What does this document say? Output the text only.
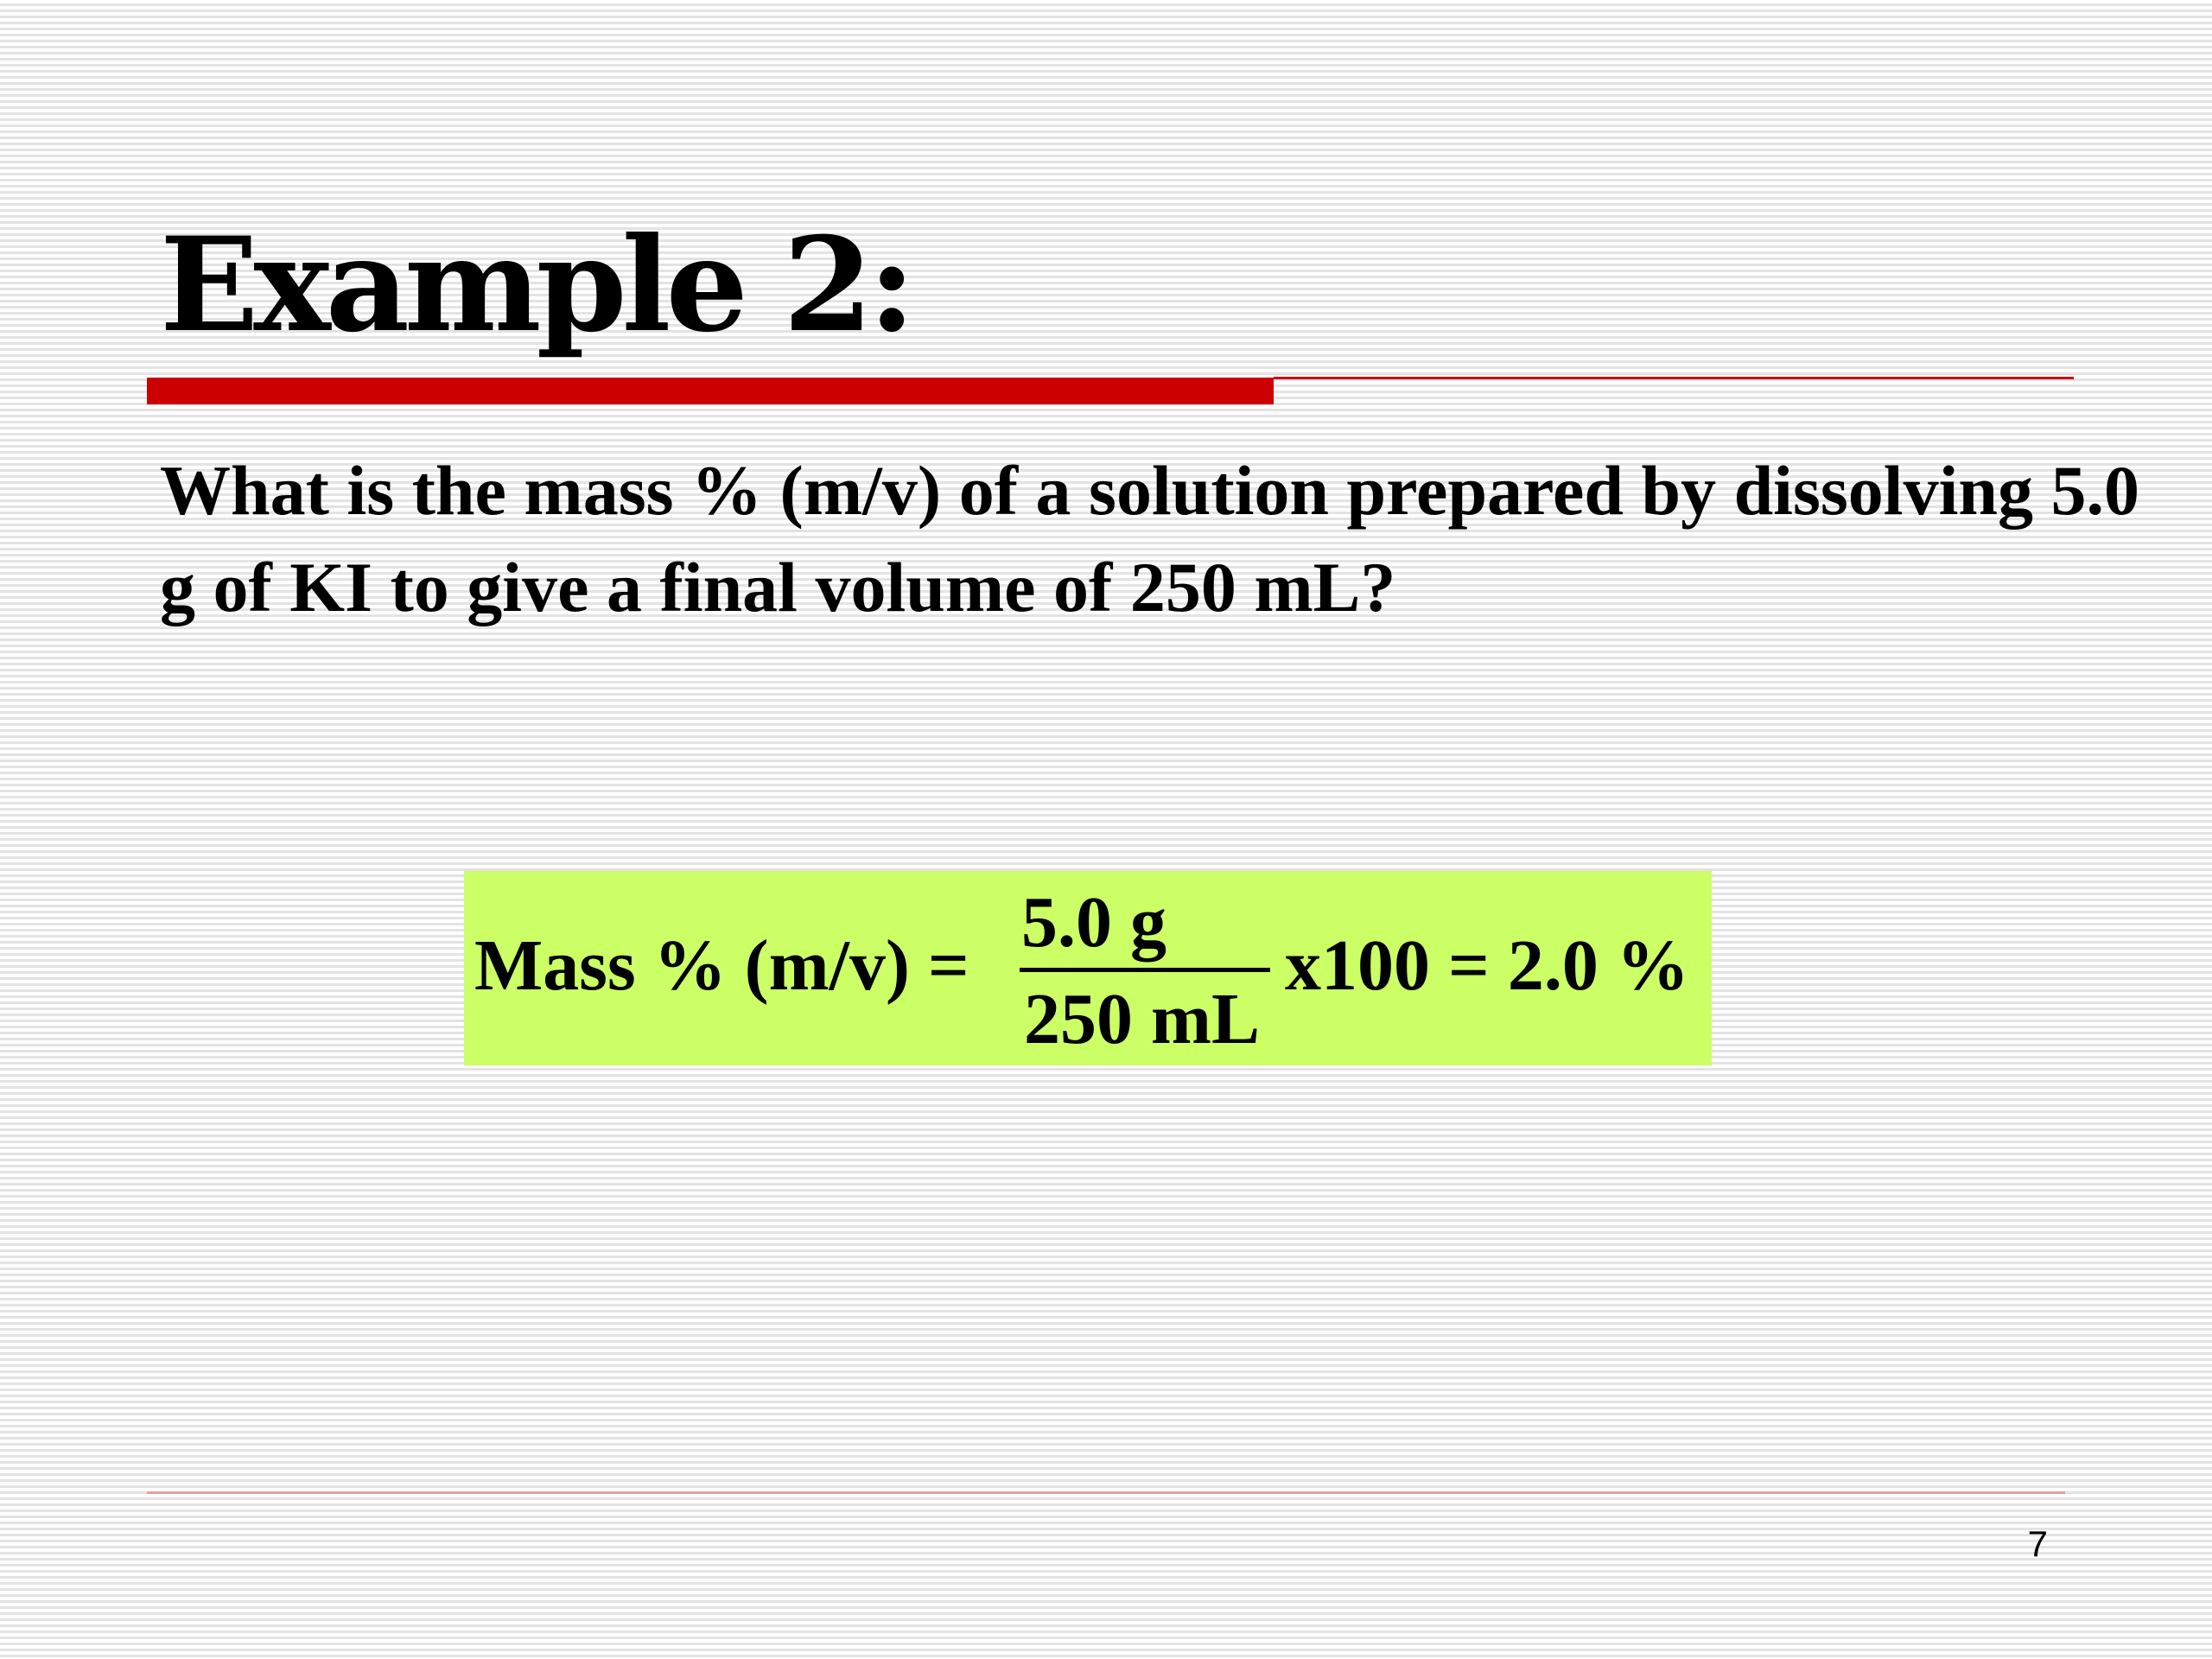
Example 2:

What is the mass % (m/v) of a solution prepared by dissolving 5.0 g of KI to give a final volume of 250 mL?

Mass % (m/v) =
5.0 g
250 mL
x100 = 2.0 %
7
